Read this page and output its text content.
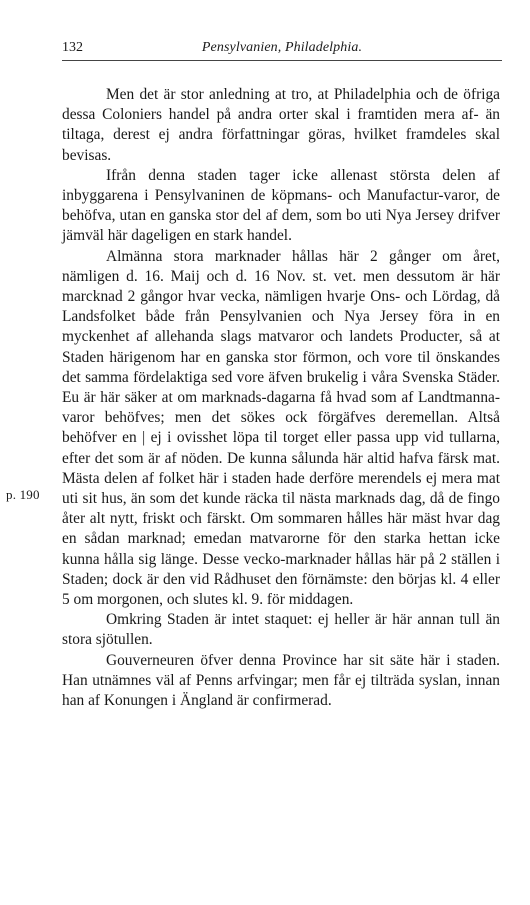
132	Pensylvanien, Philadelphia.
p. 190

Men det är stor anledning at tro, at Philadelphia och de öfriga dessa Coloniers handel på andra orter skal i framtiden mera af- än tiltaga, derest ej andra författningar göras, hvilket framdeles skal bevisas.

Ifrån denna staden tager icke allenast största delen af inbyggarena i Pensylvaninen de köpmans- och Manufactur-varor, de behöfva, utan en ganska stor del af dem, som bo uti Nya Jersey drifver jämväl här dageligen en stark handel.

Almänna stora marknader hållas här 2 gånger om året, nämligen d. 16. Maij och d. 16 Nov. st. vet. men dessutom är här marcknad 2 gångor hvar vecka, nämligen hvarje Ons- och Lördag, då Landsfolket både från Pensylvanien och Nya Jersey föra in en myckenhet af allehanda slags matvaror och landets Producter, så at Staden härigenom har en ganska stor förmon, och vore til önskandes det samma fördelaktiga sed vore äfven brukelig i våra Svenska Städer. Eu är här säker at om marknads-dagarna få hvad som af Landtmanna-varor behöfves; men det sökes ock förgäfves deremellan. Altså behöfver en | ej i ovisshet löpa til torget eller passa upp vid tullarna, efter det som är af nöden. De kunna sålunda här altid hafva färsk mat. Mästa delen af folket här i staden hade derföre merendels ej mera mat uti sit hus, än som det kunde räcka til nästa marknads dag, då de fingo åter alt nytt, friskt och färskt. Om sommaren hålles här mäst hvar dag en sådan marknad; emedan matvarorne för den starka hettan icke kunna hålla sig länge. Desse vecko-marknader hållas här på 2 ställen i Staden; dock är den vid Rådhuset den förnämste: den börjas kl. 4 eller 5 om morgonen, och slutes kl. 9. för middagen.

Omkring Staden är intet staquet: ej heller är här annan tull än stora sjötullen.

Gouverneuren öfver denna Province har sit säte här i staden. Han utnämnes väl af Penns arfvingar; men får ej tilträda syslan, innan han af Konungen i Ängland är confirmerad.
